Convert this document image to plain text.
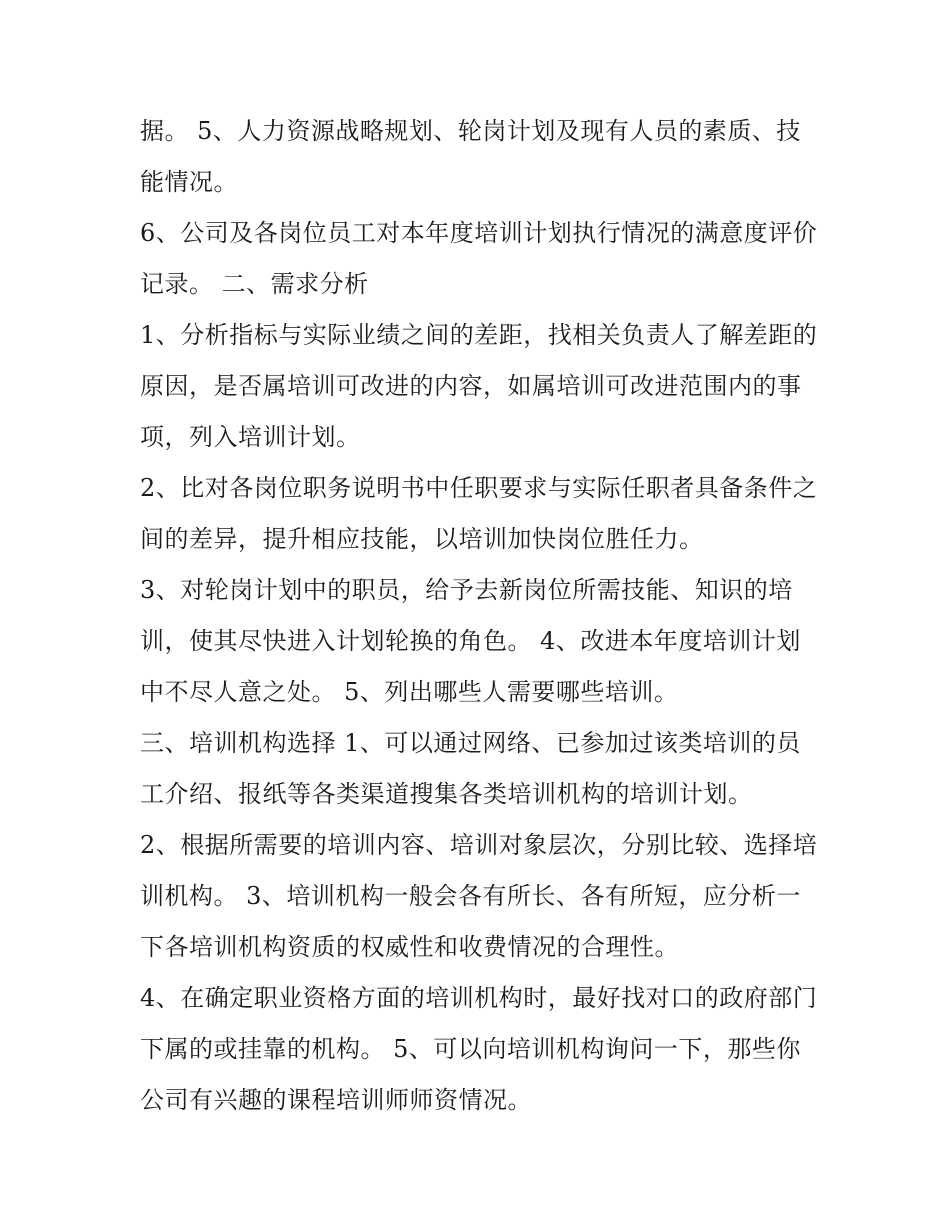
据。 5、人力资源战略规划、轮岗计划及现有人员的素质、技能情况。

6、公司及各岗位员工对本年度培训计划执行情况的满意度评价记录。 二、需求分析

1、分析指标与实际业绩之间的差距，找相关负责人了解差距的原因，是否属培训可改进的内容，如属培训可改进范围内的事项，列入培训计划。

2、比对各岗位职务说明书中任职要求与实际任职者具备条件之间的差异，提升相应技能，以培训加快岗位胜任力。

3、对轮岗计划中的职员，给予去新岗位所需技能、知识的培训，使其尽快进入计划轮换的角色。 4、改进本年度培训计划中不尽人意之处。 5、列出哪些人需要哪些培训。

三、培训机构选择 1、可以通过网络、已参加过该类培训的员工介绍、报纸等各类渠道搜集各类培训机构的培训计划。

2、根据所需要的培训内容、培训对象层次，分别比较、选择培训机构。 3、培训机构一般会各有所长、各有所短，应分析一下各培训机构资质的权威性和收费情况的合理性。

4、在确定职业资格方面的培训机构时，最好找对口的政府部门下属的或挂靠的机构。 5、可以向培训机构询问一下，那些你公司有兴趣的课程培训师师资情况。
